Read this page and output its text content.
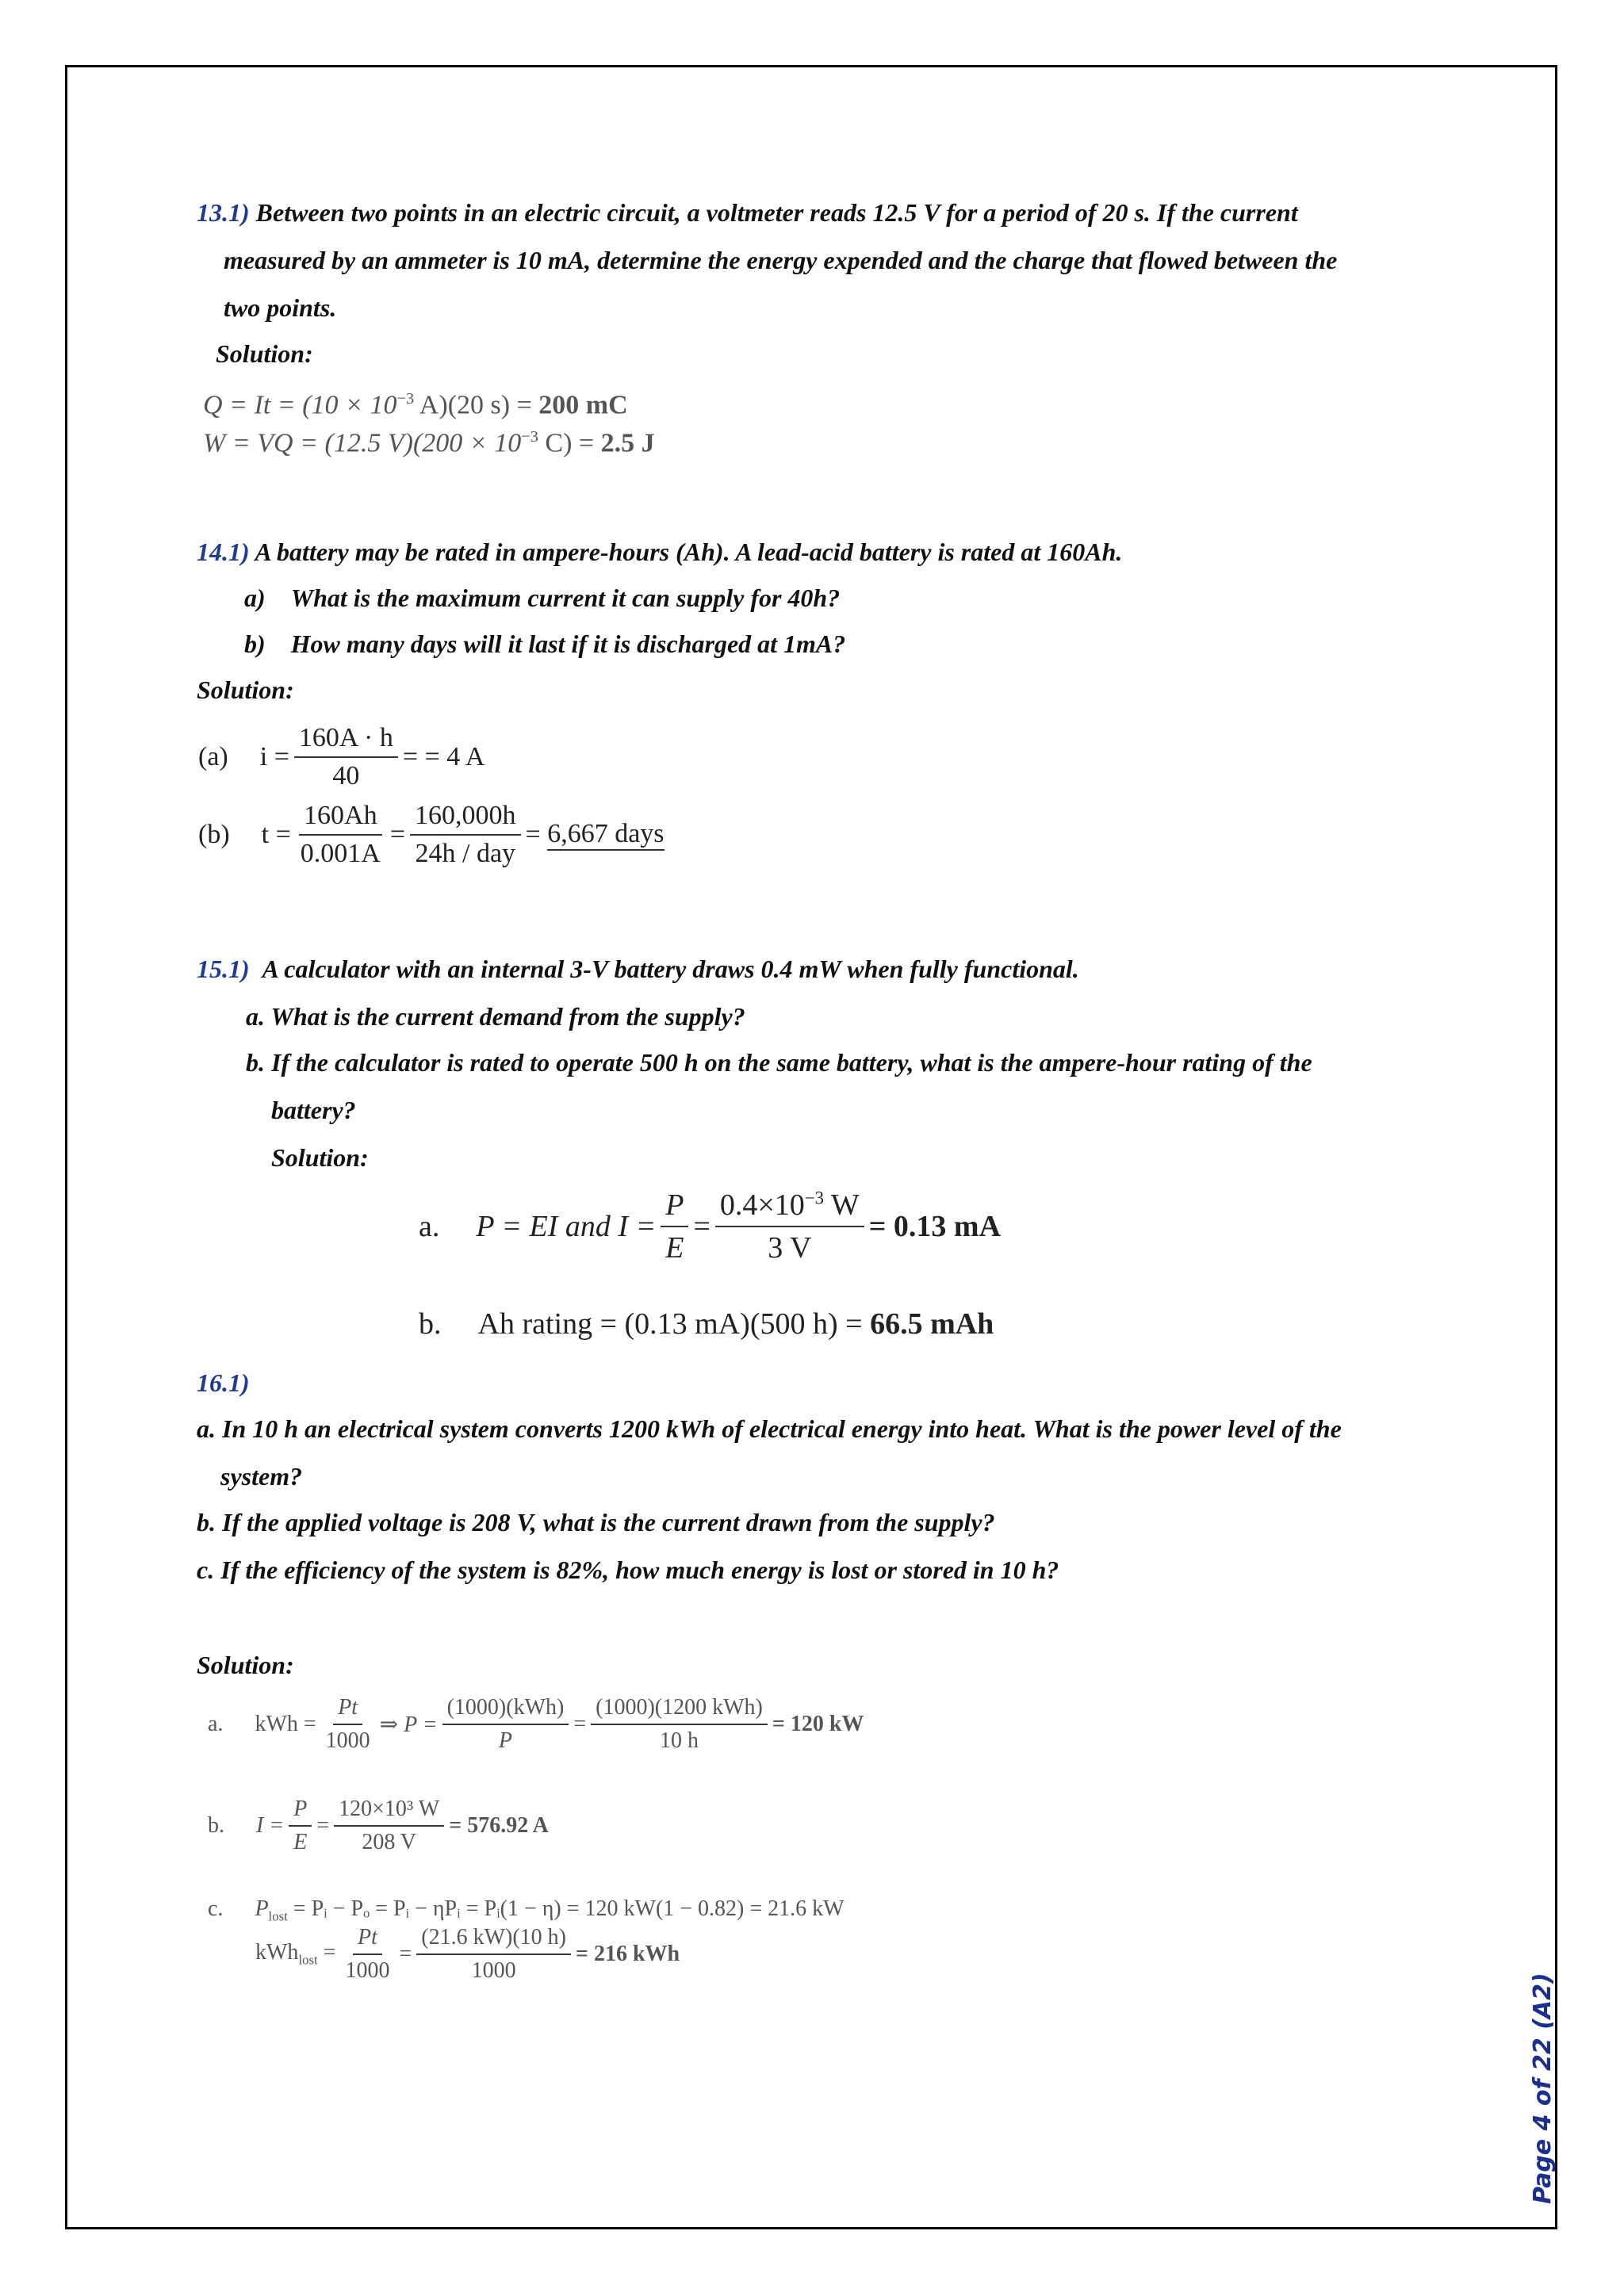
13.1) Between two points in an electric circuit, a voltmeter reads 12.5 V for a period of 20 s. If the current
measured by an ammeter is 10 mA, determine the energy expended and the charge that flowed between the
two points.
Solution:
$Q = It = (10 \times 10^{-3}$ A)(20 s) = 200 mC
W = VQ = (12.5 $V)(200 \times 10^{-3}$ C) = 2.5 J
14.1) A battery may be rated in ampere-hours (Ah). A lead-acid battery is rated at 160Ah.
a) What is the maximum current it can supply for 40h?
b) How many days will it last if it is discharged at 1mA?
Solution:
(a) $i = \frac{160A \cdot h}{40}$ = = 4 A
(b) $t = \frac{160Ah}{0.001A} = \frac{160,000h}{\text{24h / day}} = 6,667$ days
15.1) A calculator with an internal 3-V battery draws 0.4 mW when fully functional.
a. What is the current demand from the supply?
b. If the calculator is rated to operate 500 h on the same battery, what is the ampere-hour rating of the
battery?
Solution:
a. P = EI and $I = \frac{P}{E} = \frac{0.4\times 10^{-3} W}{3 V} = 0.13$ mA
b. Ah rating = (0.13 mA)(500 h) = 66.5 mAh
16.1)
a. In 10 h an electrical system converts 1200 kWh of electrical energy into heat. What is the power level of the
system?
b. If the applied voltage is 208 V, what is the current drawn from the supply?
c. If the efficiency of the system is 82%, how much energy is lost or stored in 10 h?
Solution:
a. kWh = $\frac{Pt}{1000}$ ⇒ $P = \frac{\text{(1000)(kWh)}}{P} = \frac{\text{(1000)(1200 kWh)}}{10 h} = 120$ kW
b. $I = \frac{P}{E} = \frac{\text{120×10³ W}}{208 V} = 576.92$ A
c. $P_{lost}$ = Pᵢ − Pₒ = Pᵢ − ηPᵢ = Pᵢ(1 − η) = 120 kW(1 − 0.82) = 21.6 kW
$kWh_{lost} = \frac{Pt}{1000} = \frac{(21.6 kW)(10 h)}{1000} = 216$ kWh
Page 4 of 22 (A2)
